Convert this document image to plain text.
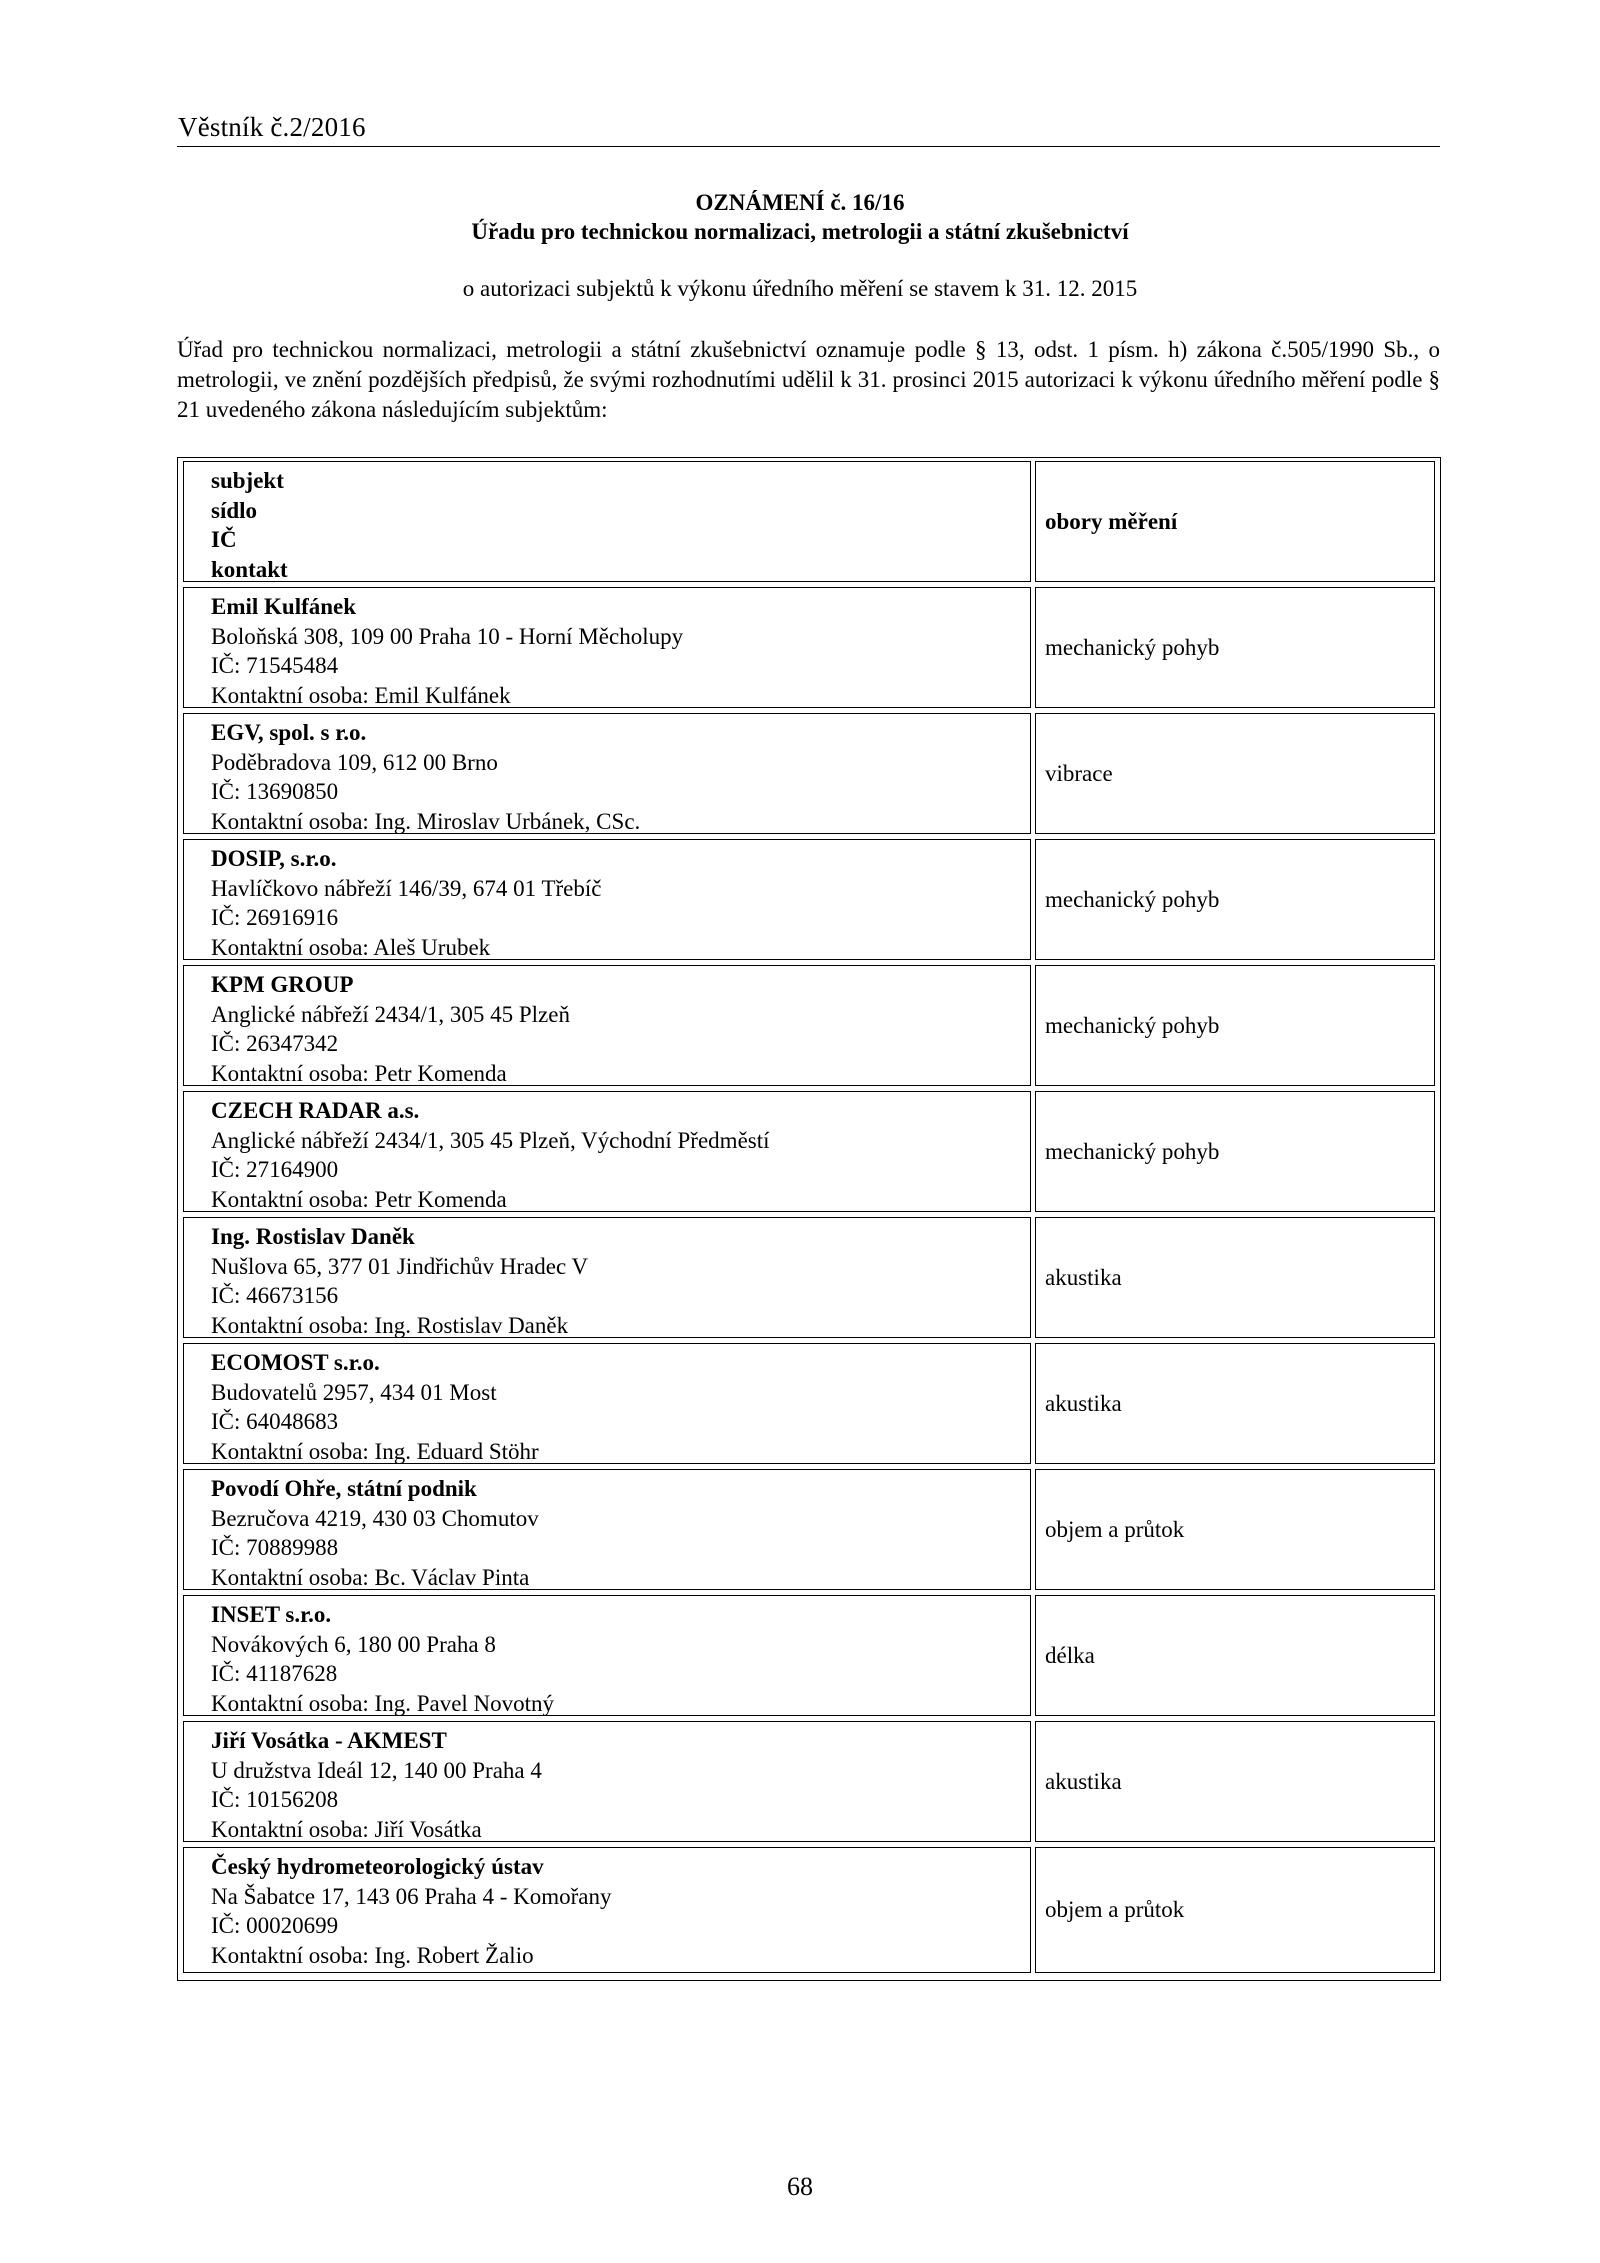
Věstník č.2/2016
OZNÁMENÍ č. 16/16
Úřadu pro technickou normalizaci, metrologii a státní zkušebnictví
o autorizaci subjektů k výkonu úředního měření se stavem k 31. 12. 2015
Úřad pro technickou normalizaci, metrologii a státní zkušebnictví oznamuje podle § 13, odst. 1 písm. h) zákona č.505/1990 Sb., o metrologii, ve znění pozdějších předpisů, že svými rozhodnutími udělil k 31. prosinci 2015 autorizaci k výkonu úředního měření podle § 21 uvedeného zákona následujícím subjektům:
subjekt
sídlo
IČ
kontakt
obory měření
Emil Kulfánek
Boloňská 308, 109 00 Praha 10 - Horní Měcholupy
IČ: 71545484
Kontaktní osoba: Emil Kulfánek
mechanický pohyb
EGV, spol. s r.o.
Poděbradova 109, 612 00 Brno
IČ: 13690850
Kontaktní osoba: Ing. Miroslav Urbánek, CSc.
vibrace
DOSIP, s.r.o.
Havlíčkovo nábřeží 146/39, 674 01 Třebíč
IČ: 26916916
Kontaktní osoba: Aleš Urubek
mechanický pohyb
KPM GROUP
Anglické nábřeží 2434/1, 305 45 Plzeň
IČ: 26347342
Kontaktní osoba: Petr Komenda
mechanický pohyb
CZECH RADAR a.s.
Anglické nábřeží 2434/1, 305 45 Plzeň, Východní Předměstí
IČ: 27164900
Kontaktní osoba: Petr Komenda
mechanický pohyb
Ing. Rostislav Daněk
Nušlova 65, 377 01 Jindřichův Hradec V
IČ: 46673156
Kontaktní osoba: Ing. Rostislav Daněk
akustika
ECOMOST s.r.o.
Budovatelů 2957, 434 01 Most
IČ: 64048683
Kontaktní osoba: Ing. Eduard Stöhr
akustika
Povodí Ohře, státní podnik
Bezručova 4219, 430 03 Chomutov
IČ: 70889988
Kontaktní osoba: Bc. Václav Pinta
objem a průtok
INSET s.r.o.
Novákových 6, 180 00 Praha 8
IČ: 41187628
Kontaktní osoba: Ing. Pavel Novotný
délka
Jiří Vosátka - AKMEST
U družstva Ideál 12, 140 00 Praha 4
IČ: 10156208
Kontaktní osoba: Jiří Vosátka
akustika
Český hydrometeorologický ústav
Na Šabatce 17, 143 06 Praha 4 - Komořany
IČ: 00020699
Kontaktní osoba: Ing. Robert Žalio
objem a průtok
68
